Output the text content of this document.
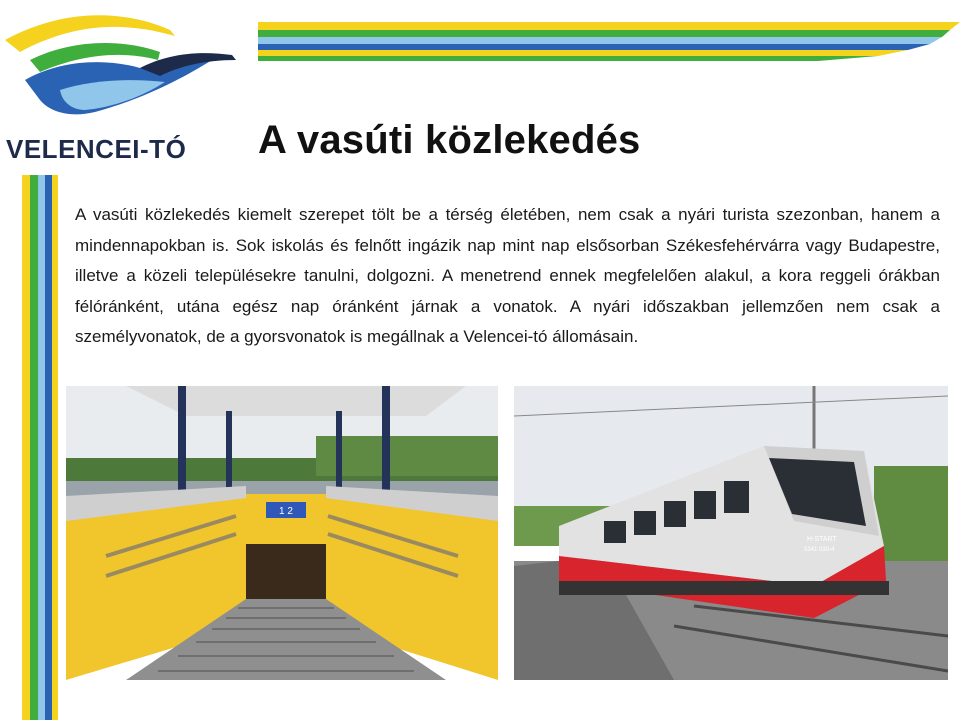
VELENCEI-TÓ A vasúti közlekedés

A vasúti közlekedés kiemelt szerepet tölt be a térség életében, nem csak a nyári turista szezonban, hanem a mindennapokban is. Sok iskolás és felnőtt ingázik nap mint nap elsősorban Székesfehérvárra vagy Budapestre, illetve a közeli településekre tanulni, dolgozni. A menetrend ennek megfelelően alakul, a kora reggeli órákban félóránként, utána egész nap óránként járnak a vonatok. A nyári időszakban jellemzően nem csak a személyvonatok, de a gyorsvonatok is megállnak a Velencei-tó állomásain.

1 2
H-START
5341 030-4
